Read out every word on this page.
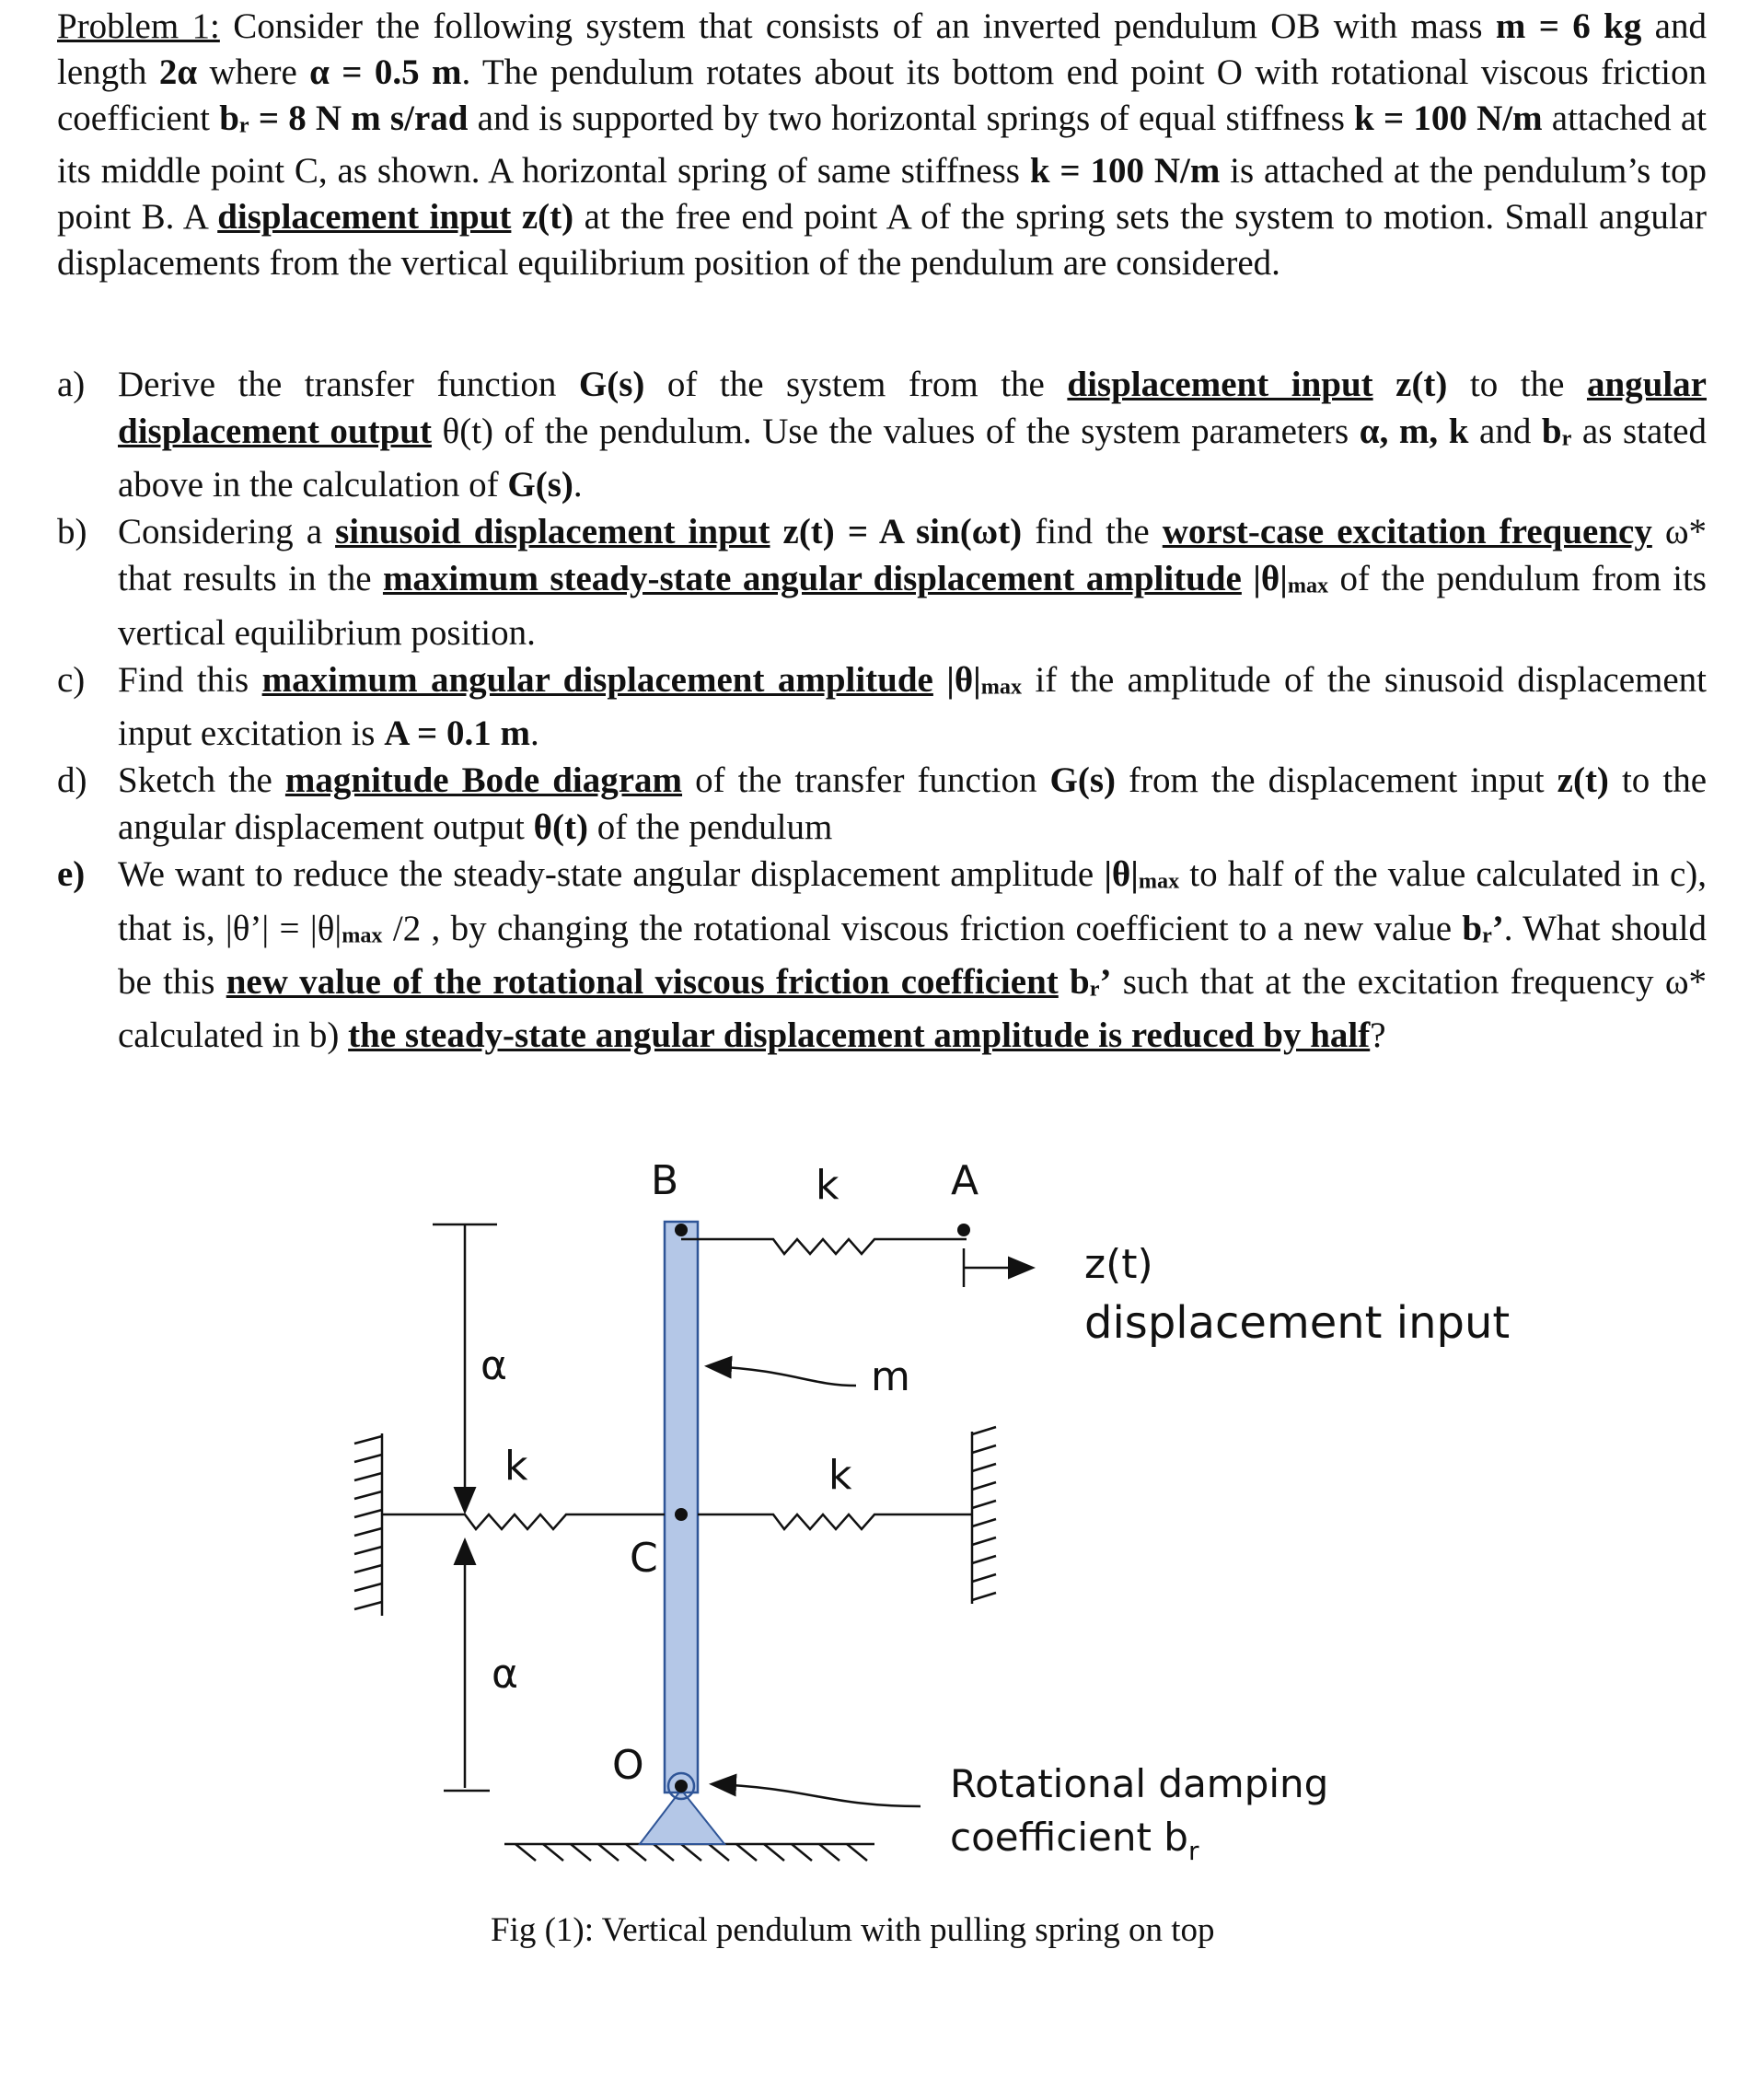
Problem 1: Consider the following system that consists of an inverted pendulum OB with mass m = 6 kg and length 2α where α = 0.5 m. The pendulum rotates about its bottom end point O with rotational viscous friction coefficient br = 8 N m s/rad and is supported by two horizontal springs of equal stiffness k = 100 N/m attached at its middle point C, as shown. A horizontal spring of same stiffness k = 100 N/m is attached at the pendulum’s top point B. A displacement input z(t) at the free end point A of the spring sets the system to motion. Small angular displacements from the vertical equilibrium position of the pendulum are considered.

a) Derive the transfer function G(s) of the system from the displacement input z(t) to the angular displacement output θ(t) of the pendulum. Use the values of the system parameters α, m, k and br as stated above in the calculation of G(s).

b) Considering a sinusoid displacement input z(t) = A sin(ωt) find the worst-case excitation frequency ω* that results in the maximum steady-state angular displacement amplitude |θ|max of the pendulum from its vertical equilibrium position.

c) Find this maximum angular displacement amplitude |θ|max if the amplitude of the sinusoid displacement input excitation is A = 0.1 m.

d) Sketch the magnitude Bode diagram of the transfer function G(s) from the displacement input z(t) to the angular displacement output θ(t) of the pendulum

e) We want to reduce the steady-state angular displacement amplitude |θ|max to half of the value calculated in c), that is, |θ’| = |θ|max /2 , by changing the rotational viscous friction coefficient to a new value br’. What should be this new value of the rotational viscous friction coefficient br’ such that at the excitation frequency ω* calculated in b) the steady-state angular displacement amplitude is reduced by half?

B	k	A
z(t)
displacement input
α	m
k	k
C
α
O	Rotational damping
coefficient $b_r$
Fig (1): Vertical pendulum with pulling spring on top
